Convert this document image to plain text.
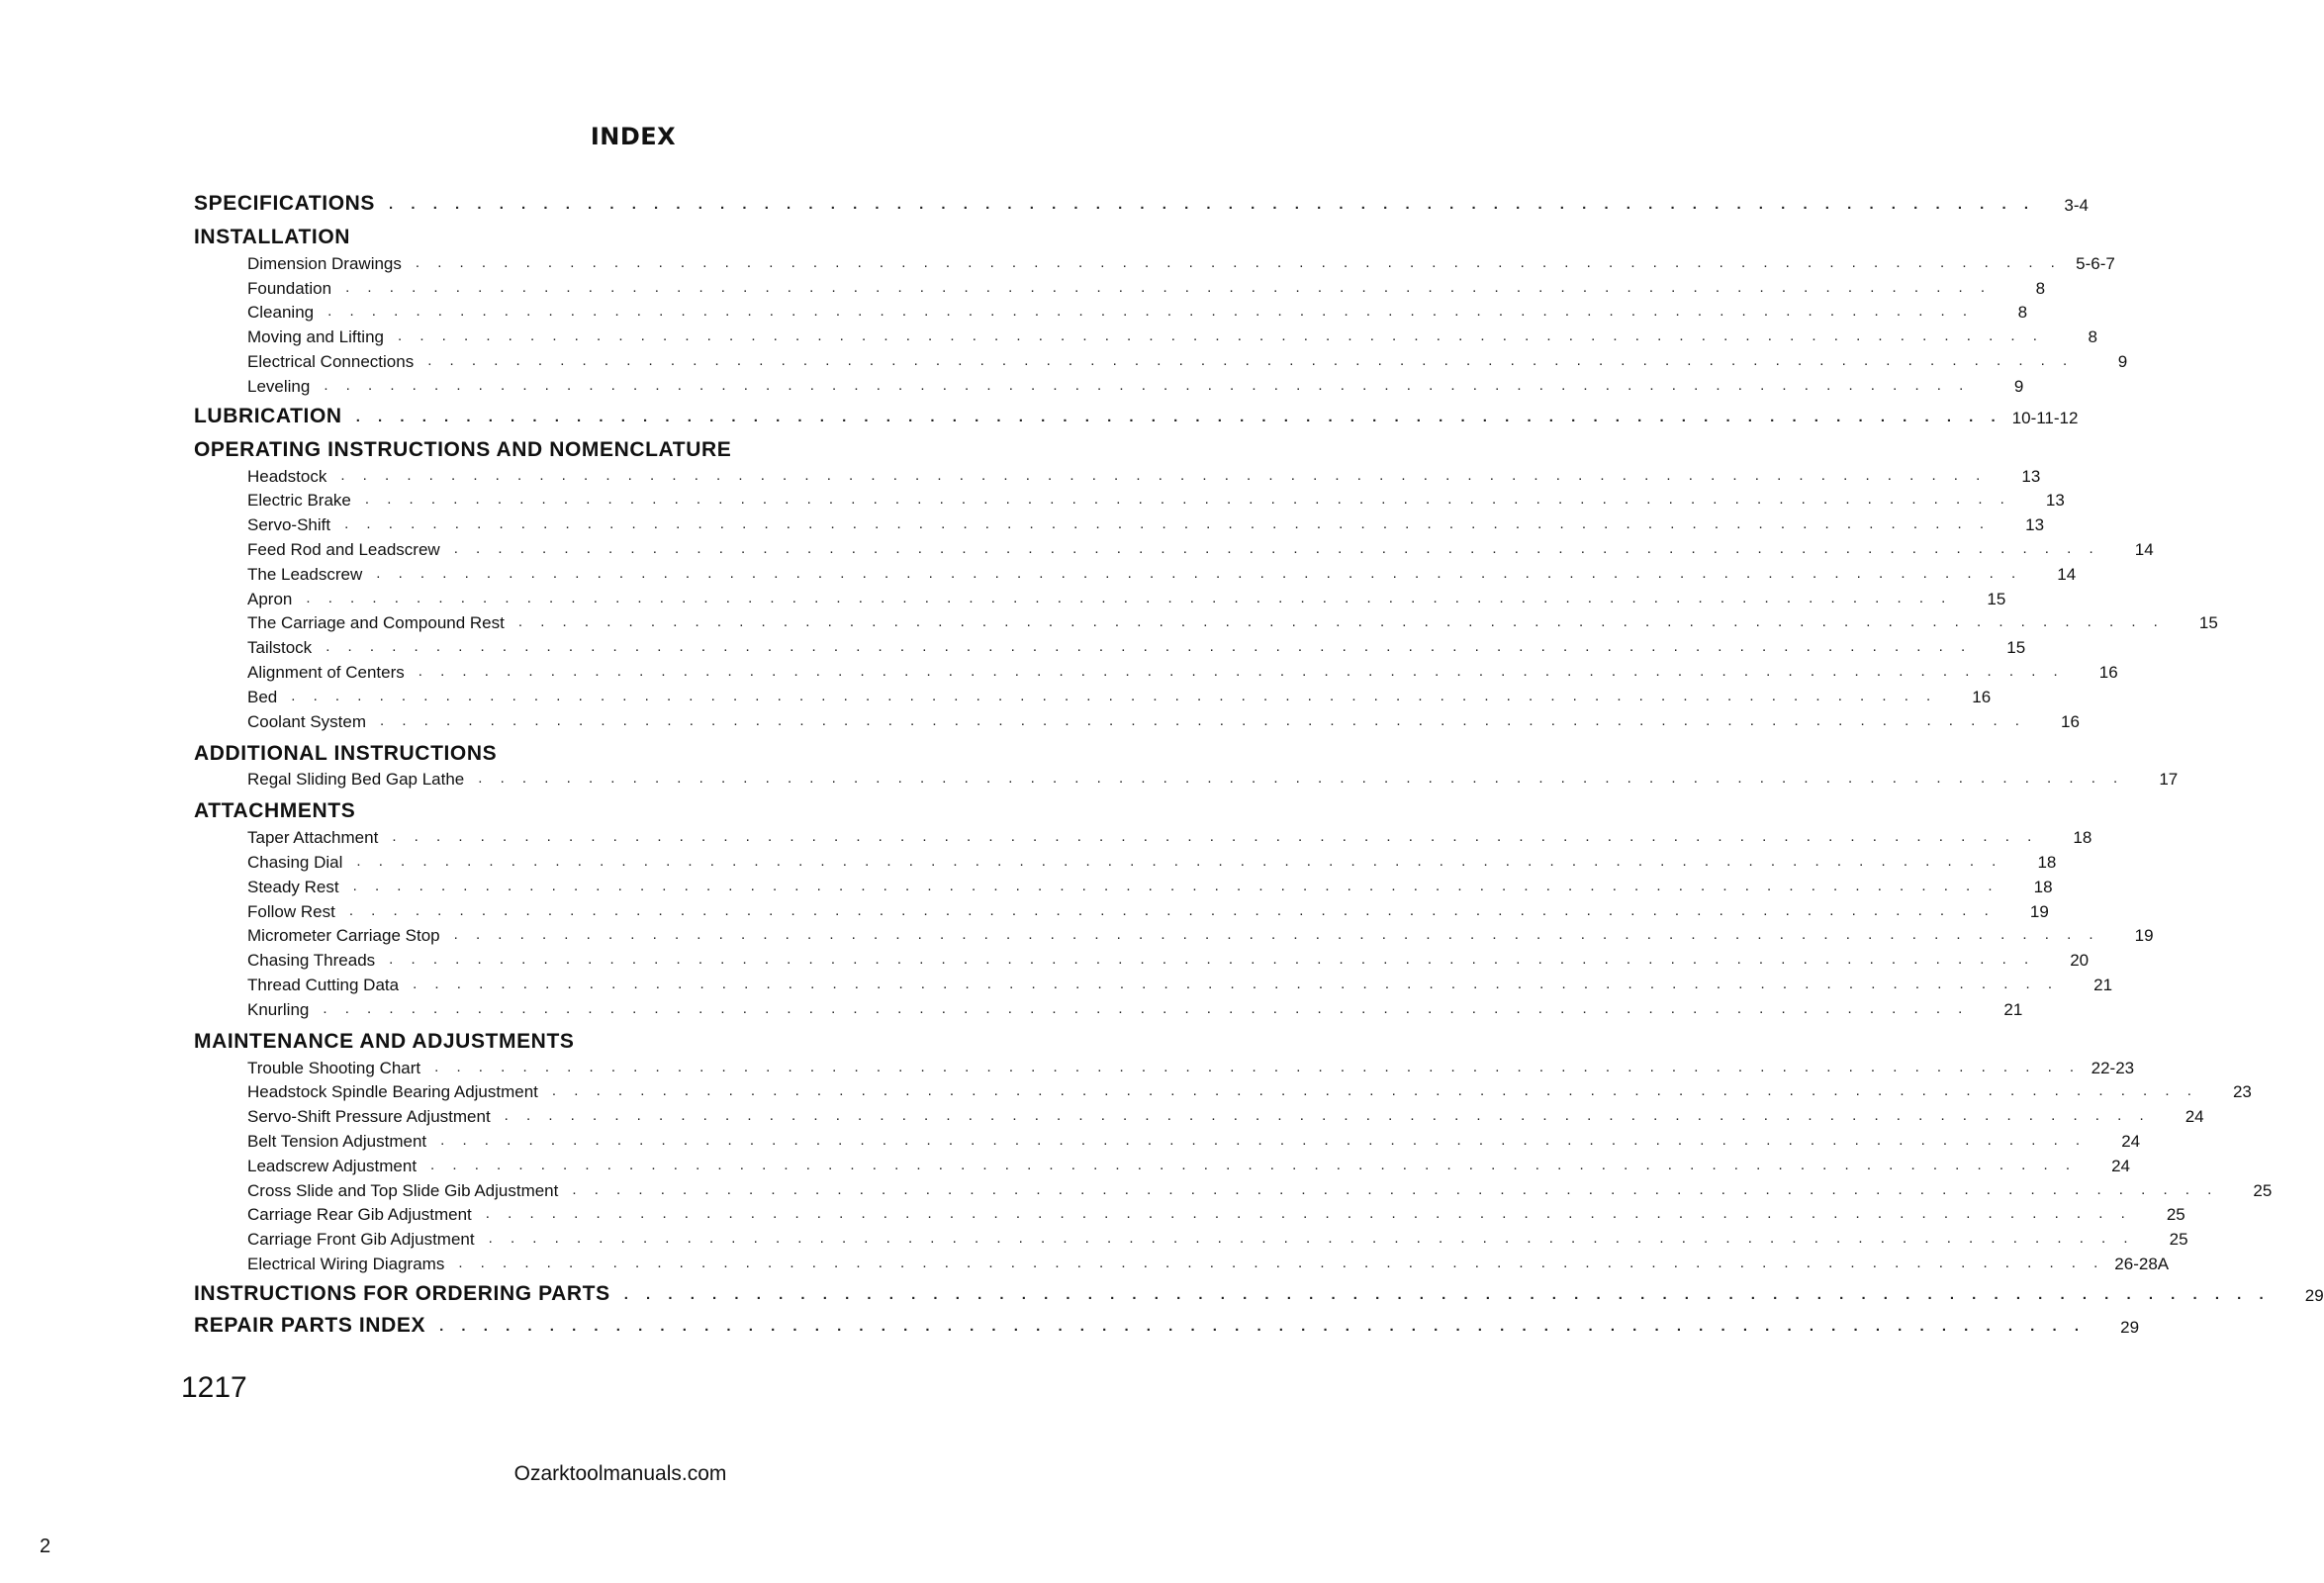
INDEX
SPECIFICATIONS . . . . . . . . . . . . . . . . . . . . . . . . . . . . . . . . . . . . . . . . . . . . . . . . . . . . . . . . . . . . . . . . . . . . . . . . . . .	3-4
INSTALLATION
Dimension Drawings . . . . . . . . . . . . . . . . . . . . . . . . . . . . . . . . . . . . . . . . . . . . . . . . . . . . . . . . . . . . . . . . . . . . . . . . . . . 5-6-7
Foundation . . . . . . . . . . . . . . . . . . . . . . . . . . . . . . . . . . . . . . . . . . . . . . . . . . . . . . . . . . . . . . . . . . . . . . . . . . .	8
Cleaning . . . . . . . . . . . . . . . . . . . . . . . . . . . . . . . . . . . . . . . . . . . . . . . . . . . . . . . . . . . . . . . . . . . . . . . . . . .	8
Moving and Lifting . . . . . . . . . . . . . . . . . . . . . . . . . . . . . . . . . . . . . . . . . . . . . . . . . . . . . . . . . . . . . . . . . . . . . . . . . . .	8
Electrical Connections . . . . . . . . . . . . . . . . . . . . . . . . . . . . . . . . . . . . . . . . . . . . . . . . . . . . . . . . . . . . . . . . . . . . . . . . . . .	9
Leveling . . . . . . . . . . . . . . . . . . . . . . . . . . . . . . . . . . . . . . . . . . . . . . . . . . . . . . . . . . . . . . . . . . . . . . . . . . .	9
LUBRICATION . . . . . . . . . . . . . . . . . . . . . . . . . . . . . . . . . . . . . . . . . . . . . . . . . . . . . . . . . . . . . . . . . . . . . . . . . . . 10-11-12
OPERATING INSTRUCTIONS AND NOMENCLATURE
Headstock . . . . . . . . . . . . . . . . . . . . . . . . . . . . . . . . . . . . . . . . . . . . . . . . . . . . . . . . . . . . . . . . . . . . . . . . . . .	13
Electric Brake . . . . . . . . . . . . . . . . . . . . . . . . . . . . . . . . . . . . . . . . . . . . . . . . . . . . . . . . . . . . . . . . . . . . . . . . . . .	13
Servo-Shift . . . . . . . . . . . . . . . . . . . . . . . . . . . . . . . . . . . . . . . . . . . . . . . . . . . . . . . . . . . . . . . . . . . . . . . . . . .	13
Feed Rod and Leadscrew . . . . . . . . . . . . . . . . . . . . . . . . . . . . . . . . . . . . . . . . . . . . . . . . . . . . . . . . . . . . . . . . . . . . . . . . . . .	14
The Leadscrew . . . . . . . . . . . . . . . . . . . . . . . . . . . . . . . . . . . . . . . . . . . . . . . . . . . . . . . . . . . . . . . . . . . . . . . . . . .	14
Apron . . . . . . . . . . . . . . . . . . . . . . . . . . . . . . . . . . . . . . . . . . . . . . . . . . . . . . . . . . . . . . . . . . . . . . . . . . .	15
The Carriage and Compound Rest . . . . . . . . . . . . . . . . . . . . . . . . . . . . . . . . . . . . . . . . . . . . . . . . . . . . . . . . . . . . . . . . . . . . . . . . . . .	15
Tailstock . . . . . . . . . . . . . . . . . . . . . . . . . . . . . . . . . . . . . . . . . . . . . . . . . . . . . . . . . . . . . . . . . . . . . . . . . . .	15
Alignment of Centers . . . . . . . . . . . . . . . . . . . . . . . . . . . . . . . . . . . . . . . . . . . . . . . . . . . . . . . . . . . . . . . . . . . . . . . . . . .	16
Bed . . . . . . . . . . . . . . . . . . . . . . . . . . . . . . . . . . . . . . . . . . . . . . . . . . . . . . . . . . . . . . . . . . . . . . . . . . .	16
Coolant System . . . . . . . . . . . . . . . . . . . . . . . . . . . . . . . . . . . . . . . . . . . . . . . . . . . . . . . . . . . . . . . . . . . . . . . . . . .	16
ADDITIONAL INSTRUCTIONS
Regal Sliding Bed Gap Lathe . . . . . . . . . . . . . . . . . . . . . . . . . . . . . . . . . . . . . . . . . . . . . . . . . . . . . . . . . . . . . . . . . . . . . . . . . . .	17
ATTACHMENTS
Taper Attachment . . . . . . . . . . . . . . . . . . . . . . . . . . . . . . . . . . . . . . . . . . . . . . . . . . . . . . . . . . . . . . . . . . . . . . . . . . .	18
Chasing Dial . . . . . . . . . . . . . . . . . . . . . . . . . . . . . . . . . . . . . . . . . . . . . . . . . . . . . . . . . . . . . . . . . . . . . . . . . . .	18
Steady Rest . . . . . . . . . . . . . . . . . . . . . . . . . . . . . . . . . . . . . . . . . . . . . . . . . . . . . . . . . . . . . . . . . . . . . . . . . . .	18
Follow Rest . . . . . . . . . . . . . . . . . . . . . . . . . . . . . . . . . . . . . . . . . . . . . . . . . . . . . . . . . . . . . . . . . . . . . . . . . . .	19
Micrometer Carriage Stop . . . . . . . . . . . . . . . . . . . . . . . . . . . . . . . . . . . . . . . . . . . . . . . . . . . . . . . . . . . . . . . . . . . . . . . . . . .	19
Chasing Threads . . . . . . . . . . . . . . . . . . . . . . . . . . . . . . . . . . . . . . . . . . . . . . . . . . . . . . . . . . . . . . . . . . . . . . . . . . .	20
Thread Cutting Data . . . . . . . . . . . . . . . . . . . . . . . . . . . . . . . . . . . . . . . . . . . . . . . . . . . . . . . . . . . . . . . . . . . . . . . . . . .	21
Knurling . . . . . . . . . . . . . . . . . . . . . . . . . . . . . . . . . . . . . . . . . . . . . . . . . . . . . . . . . . . . . . . . . . . . . . . . . . .	21
MAINTENANCE AND ADJUSTMENTS
Trouble Shooting Chart . . . . . . . . . . . . . . . . . . . . . . . . . . . . . . . . . . . . . . . . . . . . . . . . . . . . . . . . . . . . . . . . . . . . . . . . . . . 22-23
Headstock Spindle Bearing Adjustment . . . . . . . . . . . . . . . . . . . . . . . . . . . . . . . . . . . . . . . . . . . . . . . . . . . . . . . . . . . . . . . . . . . . . . . . . . .	23
Servo-Shift Pressure Adjustment . . . . . . . . . . . . . . . . . . . . . . . . . . . . . . . . . . . . . . . . . . . . . . . . . . . . . . . . . . . . . . . . . . . . . . . . . . .	24
Belt Tension Adjustment . . . . . . . . . . . . . . . . . . . . . . . . . . . . . . . . . . . . . . . . . . . . . . . . . . . . . . . . . . . . . . . . . . . . . . . . . . .	24
Leadscrew Adjustment . . . . . . . . . . . . . . . . . . . . . . . . . . . . . . . . . . . . . . . . . . . . . . . . . . . . . . . . . . . . . . . . . . . . . . . . . . .	24
Cross Slide and Top Slide Gib Adjustment . . . . . . . . . . . . . . . . . . . . . . . . . . . . . . . . . . . . . . . . . . . . . . . . . . . . . . . . . . . . . . . . . . . . . . . . . . .	25
Carriage Rear Gib Adjustment . . . . . . . . . . . . . . . . . . . . . . . . . . . . . . . . . . . . . . . . . . . . . . . . . . . . . . . . . . . . . . . . . . . . . . . . . . .	25
Carriage Front Gib Adjustment . . . . . . . . . . . . . . . . . . . . . . . . . . . . . . . . . . . . . . . . . . . . . . . . . . . . . . . . . . . . . . . . . . . . . . . . . . .	25
Electrical Wiring Diagrams . . . . . . . . . . . . . . . . . . . . . . . . . . . . . . . . . . . . . . . . . . . . . . . . . . . . . . . . . . . . . . . . . . . . . . . . . . . 26-28A
INSTRUCTIONS FOR ORDERING PARTS . . . . . . . . . . . . . . . . . . . . . . . . . . . . . . . . . . . . . . . . . . . . . . . . . . . . . . . . . . . . . . . . . . . . . . . . . . .	29
REPAIR PARTS INDEX . . . . . . . . . . . . . . . . . . . . . . . . . . . . . . . . . . . . . . . . . . . . . . . . . . . . . . . . . . . . . . . . . . . . . . . . . . .	29
1217
Ozarktoolmanuals.com
2
